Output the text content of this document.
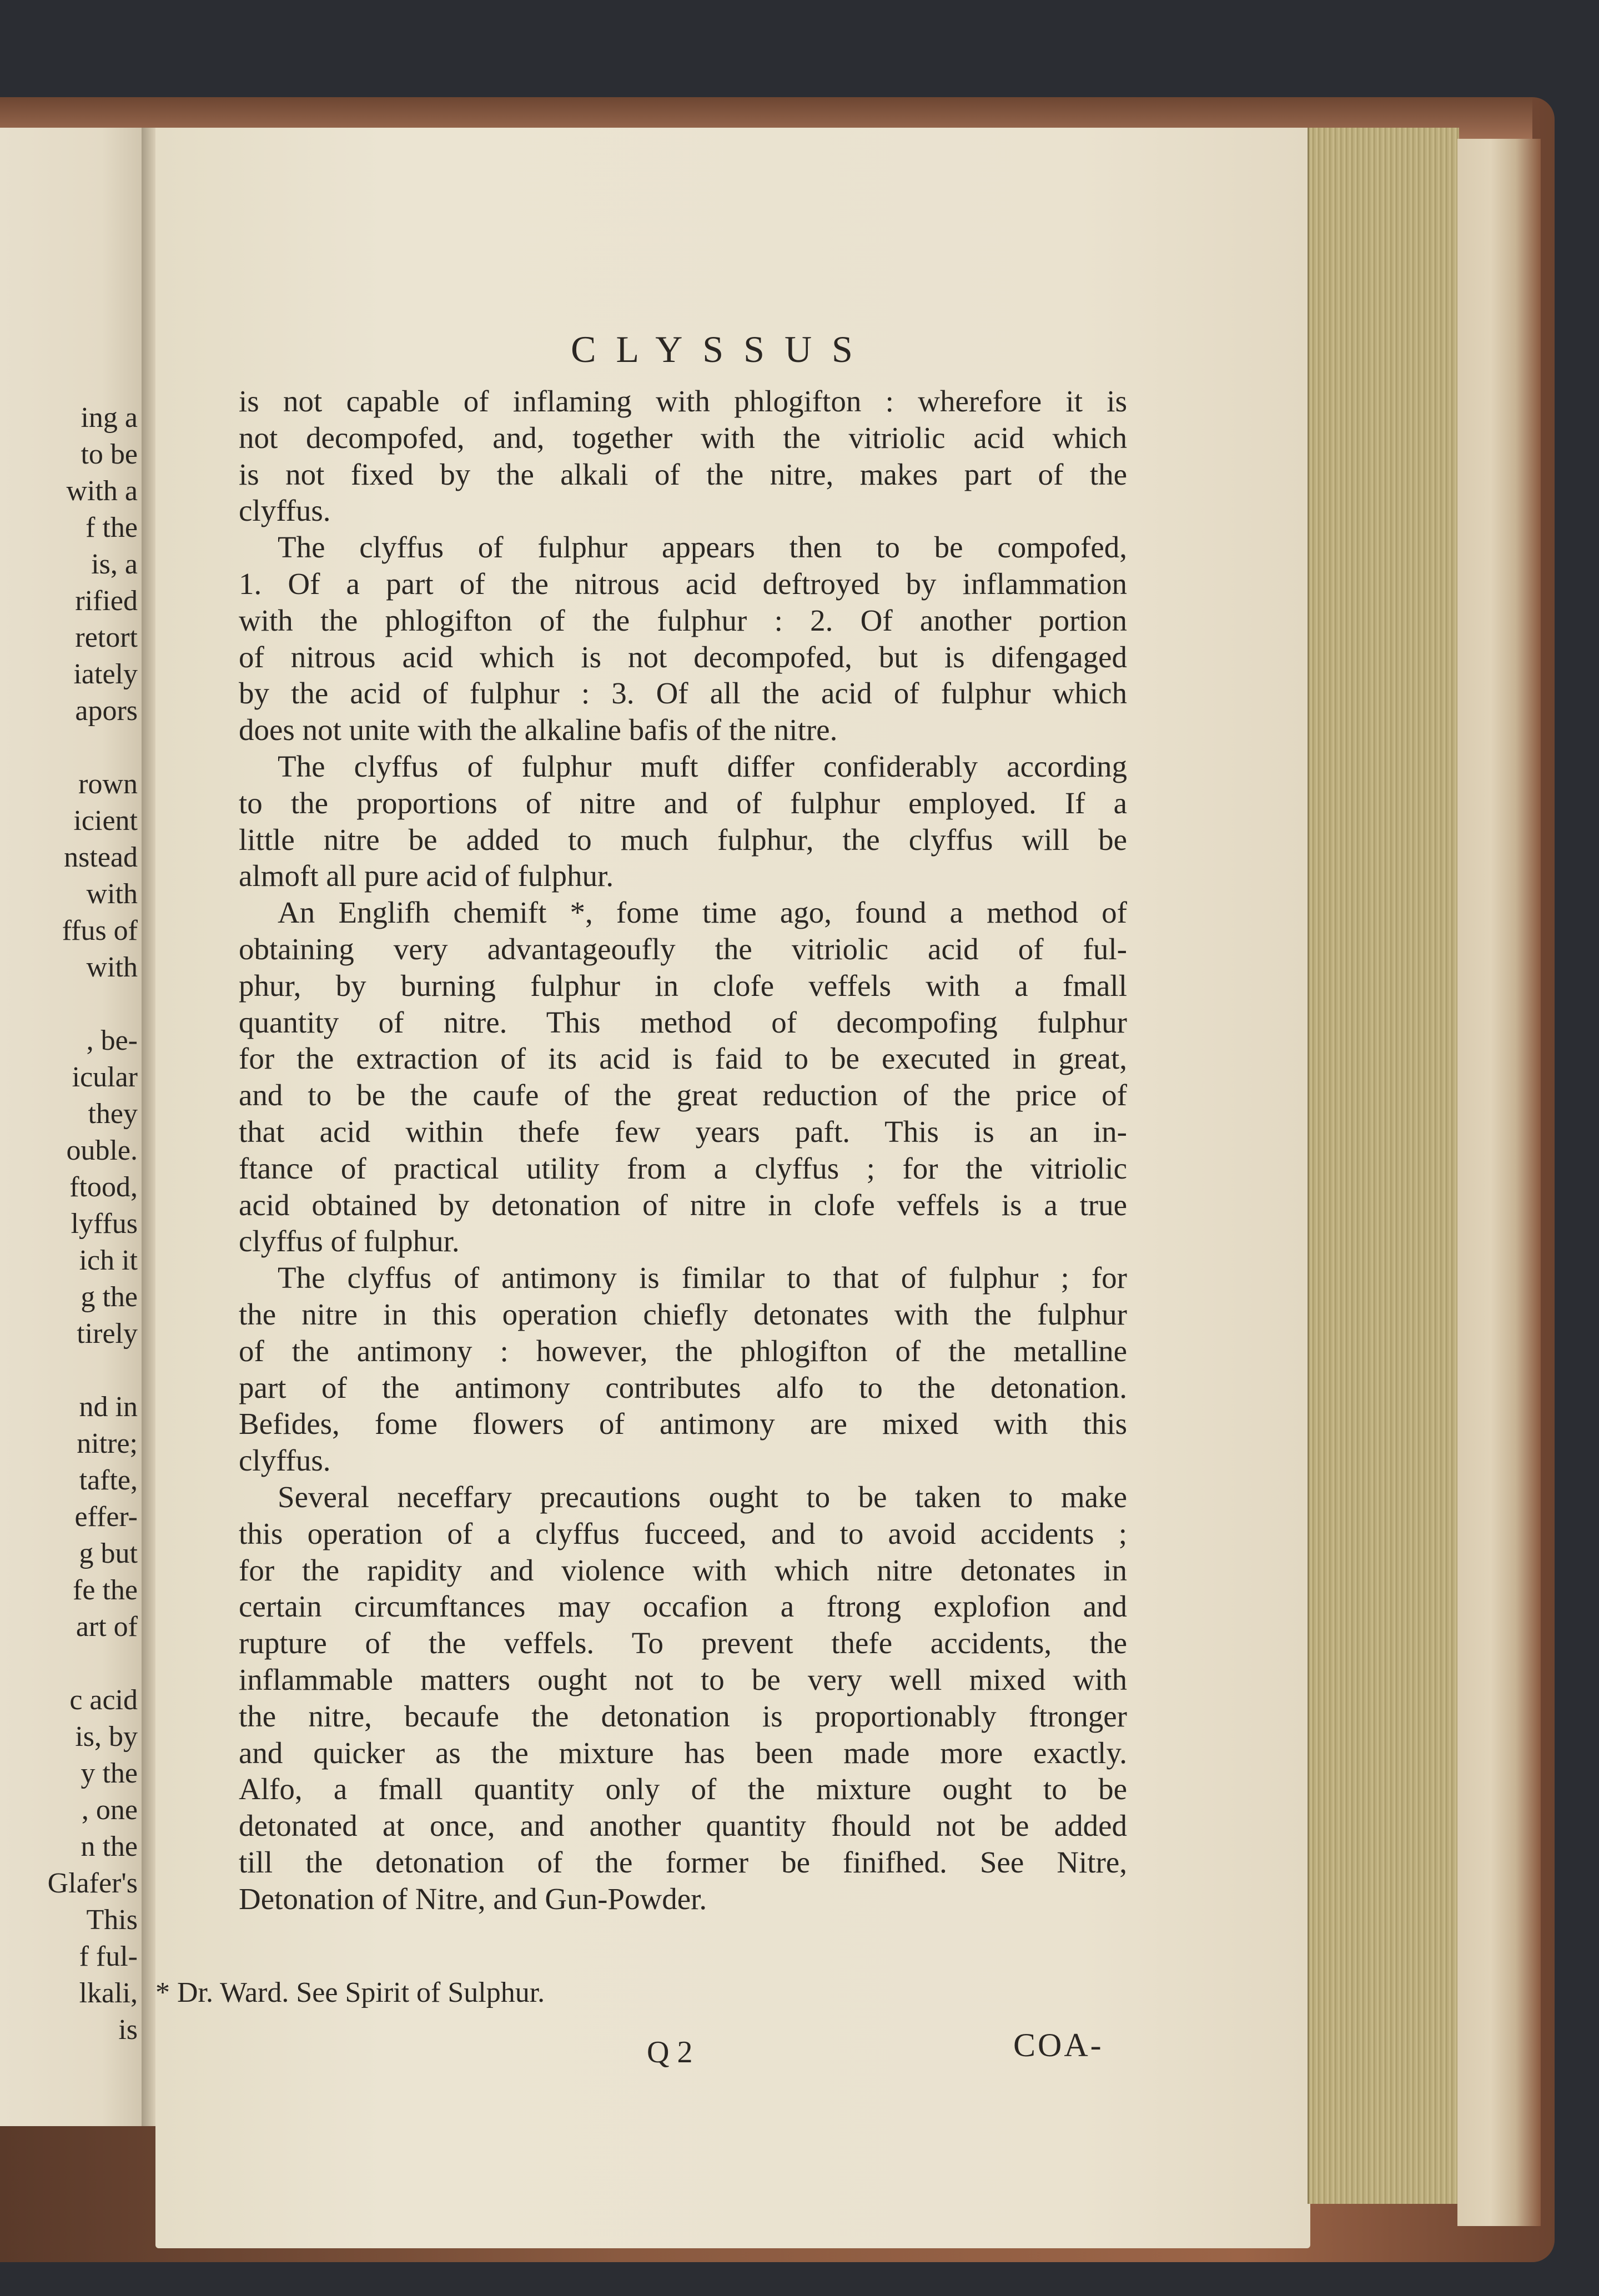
ing a
to be
with a
f the
is, a
rified
retort
iately
apors
rown
icient
nstead
with
ffus of
with
, be-
icular
they
ouble.
ftood,
lyffus
ich it
g the
tirely
nd in
nitre;
tafte,
effer-
g but
fe the
art of
c acid
is, by
y the
, one
n the
Glafer's
This
f ful-
lkali,
is
CLYSSUS
is not capable of inflaming with phlogifton : wherefore it is
not decompofed, and, together with the vitriolic acid which
is not fixed by the alkali of the nitre, makes part of the
clyffus.
The clyffus of fulphur appears then to be compofed,
1. Of a part of the nitrous acid deftroyed by inflammation
with the phlogifton of the fulphur : 2. Of another portion
of nitrous acid which is not decompofed, but is difengaged
by the acid of fulphur : 3. Of all the acid of fulphur which
does not unite with the alkaline bafis of the nitre.
The clyffus of fulphur muft differ confiderably according
to the proportions of nitre and of fulphur employed. If a
little nitre be added to much fulphur, the clyffus will be
almoft all pure acid of fulphur.
An Englifh chemift *, fome time ago, found a method of
obtaining very advantageoufly the vitriolic acid of ful-
phur, by burning fulphur in clofe veffels with a fmall
quantity of nitre. This method of decompofing fulphur
for the extraction of its acid is faid to be executed in great,
and to be the caufe of the great reduction of the price of
that acid within thefe few years paft. This is an in-
ftance of practical utility from a clyffus ; for the vitriolic
acid obtained by detonation of nitre in clofe veffels is a true
clyffus of fulphur.
The clyffus of antimony is fimilar to that of fulphur ; for
the nitre in this operation chiefly detonates with the fulphur
of the antimony : however, the phlogifton of the metalline
part of the antimony contributes alfo to the detonation.
Befides, fome flowers of antimony are mixed with this
clyffus.
Several neceffary precautions ought to be taken to make
this operation of a clyffus fucceed, and to avoid accidents ;
for the rapidity and violence with which nitre detonates in
certain circumftances may occafion a ftrong explofion and
rupture of the veffels. To prevent thefe accidents, the
inflammable matters ought not to be very well mixed with
the nitre, becaufe the detonation is proportionably ftronger
and quicker as the mixture has been made more exactly.
Alfo, a fmall quantity only of the mixture ought to be
detonated at once, and another quantity fhould not be added
till the detonation of the former be finifhed. See Nitre,
Detonation of Nitre, and Gun-Powder.
* Dr. Ward. See Spirit of Sulphur.
Q 2	COA-
